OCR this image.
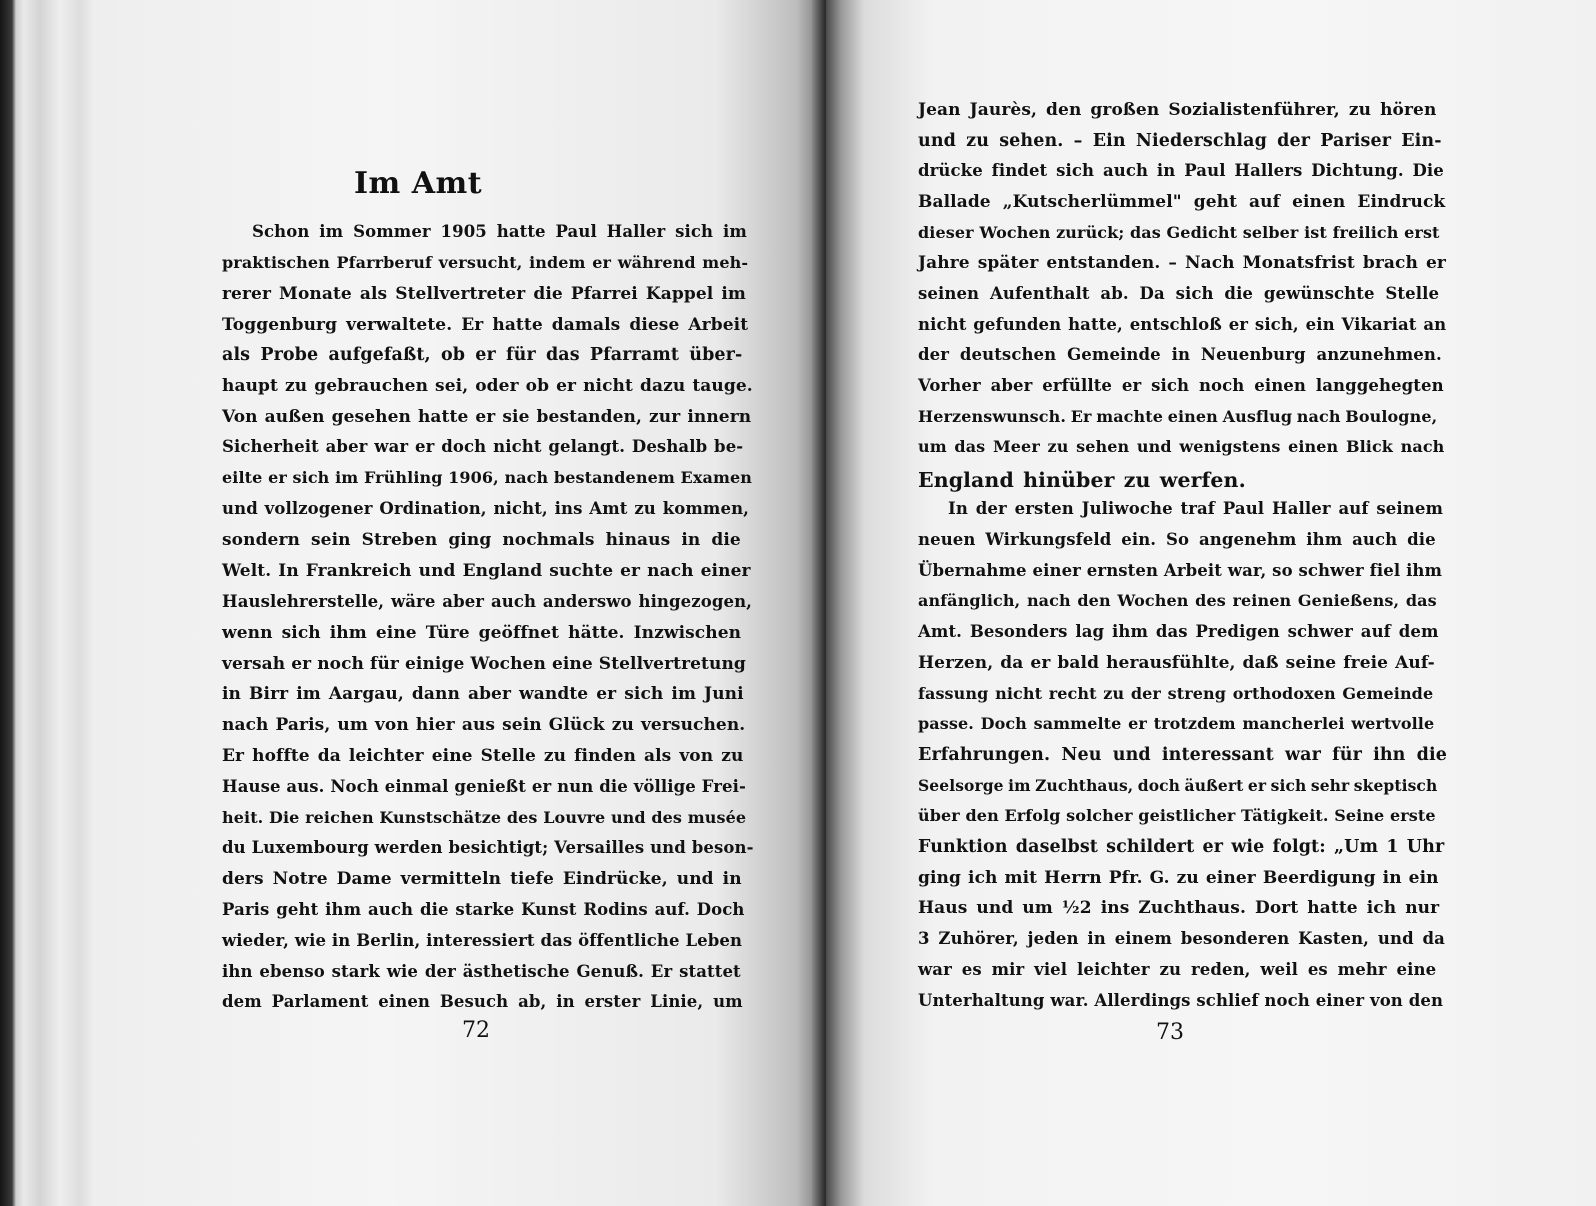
Im Amt
Schon im Sommer 1905 hatte Paul Haller sich im
praktischen Pfarrberuf versucht, indem er während meh-
rerer Monate als Stellvertreter die Pfarrei Kappel im
Toggenburg verwaltete. Er hatte damals diese Arbeit
als Probe aufgefaßt, ob er für das Pfarramt über-
haupt zu gebrauchen sei, oder ob er nicht dazu tauge.
Von außen gesehen hatte er sie bestanden, zur innern
Sicherheit aber war er doch nicht gelangt. Deshalb be-
eilte er sich im Frühling 1906, nach bestandenem Examen
und vollzogener Ordination, nicht, ins Amt zu kommen,
sondern sein Streben ging nochmals hinaus in die
Welt. In Frankreich und England suchte er nach einer
Hauslehrerstelle, wäre aber auch anderswo hingezogen,
wenn sich ihm eine Türe geöffnet hätte. Inzwischen
versah er noch für einige Wochen eine Stellvertretung
in Birr im Aargau, dann aber wandte er sich im Juni
nach Paris, um von hier aus sein Glück zu versuchen.
Er hoffte da leichter eine Stelle zu finden als von zu
Hause aus. Noch einmal genießt er nun die völlige Frei-
heit. Die reichen Kunstschätze des Louvre und des musée
du Luxembourg werden besichtigt; Versailles und beson-
ders Notre Dame vermitteln tiefe Eindrücke, und in
Paris geht ihm auch die starke Kunst Rodins auf. Doch
wieder, wie in Berlin, interessiert das öffentliche Leben
ihn ebenso stark wie der ästhetische Genuß. Er stattet
dem Parlament einen Besuch ab, in erster Linie, um
72
Jean Jaurès, den großen Sozialistenführer, zu hören
und zu sehen. – Ein Niederschlag der Pariser Ein-
drücke findet sich auch in Paul Hallers Dichtung. Die
Ballade „Kutscherlümmel" geht auf einen Eindruck
dieser Wochen zurück; das Gedicht selber ist freilich erst
Jahre später entstanden. – Nach Monatsfrist brach er
seinen Aufenthalt ab. Da sich die gewünschte Stelle
nicht gefunden hatte, entschloß er sich, ein Vikariat an
der deutschen Gemeinde in Neuenburg anzunehmen.
Vorher aber erfüllte er sich noch einen langgehegten
Herzenswunsch. Er machte einen Ausflug nach Boulogne,
um das Meer zu sehen und wenigstens einen Blick nach
England hinüber zu werfen.
In der ersten Juliwoche traf Paul Haller auf seinem
neuen Wirkungsfeld ein. So angenehm ihm auch die
Übernahme einer ernsten Arbeit war, so schwer fiel ihm
anfänglich, nach den Wochen des reinen Genießens, das
Amt. Besonders lag ihm das Predigen schwer auf dem
Herzen, da er bald herausfühlte, daß seine freie Auf-
fassung nicht recht zu der streng orthodoxen Gemeinde
passe. Doch sammelte er trotzdem mancherlei wertvolle
Erfahrungen. Neu und interessant war für ihn die
Seelsorge im Zuchthaus, doch äußert er sich sehr skeptisch
über den Erfolg solcher geistlicher Tätigkeit. Seine erste
Funktion daselbst schildert er wie folgt: „Um 1 Uhr
ging ich mit Herrn Pfr. G. zu einer Beerdigung in ein
Haus und um ½2 ins Zuchthaus. Dort hatte ich nur
3 Zuhörer, jeden in einem besonderen Kasten, und da
war es mir viel leichter zu reden, weil es mehr eine
Unterhaltung war. Allerdings schlief noch einer von den
73
